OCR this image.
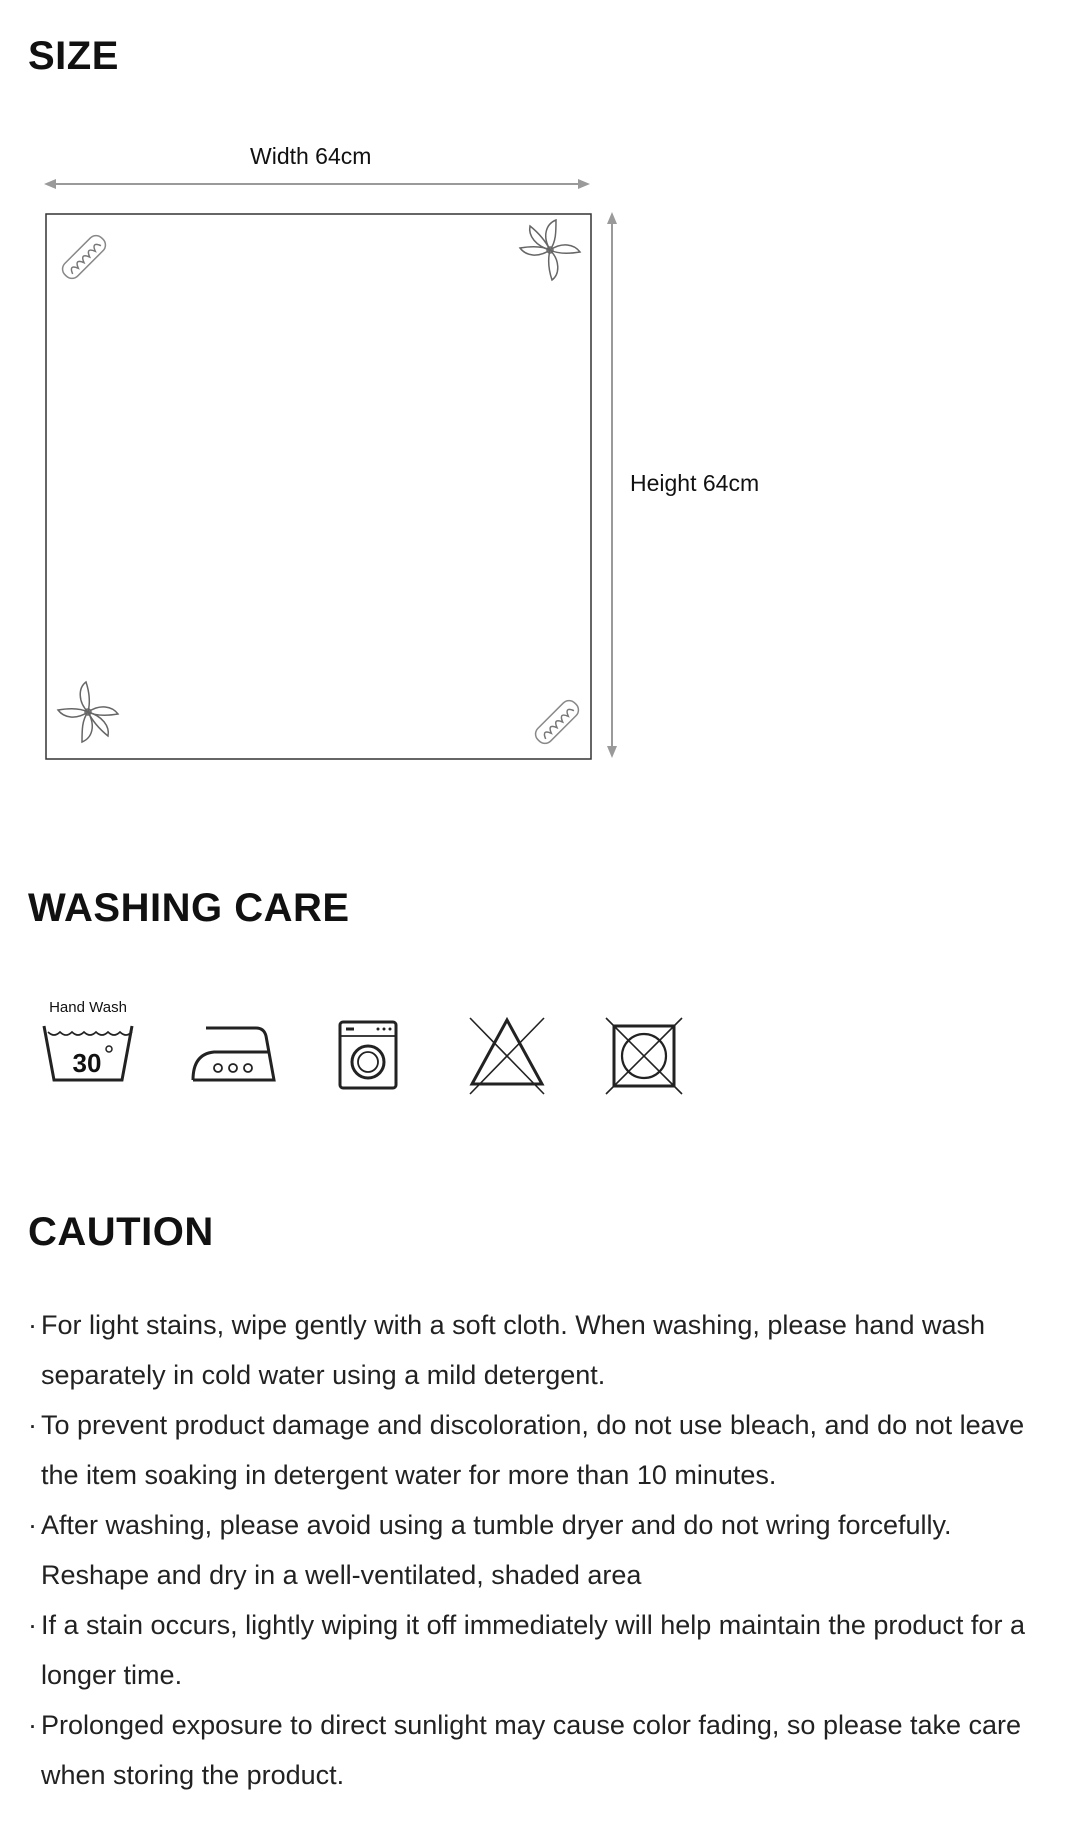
SIZE
Width 64cm
Height 64cm
WASHING CARE
Hand Wash
30
CAUTION
· For light stains, wipe gently with a soft cloth. When washing, please hand wash separately in cold water using a mild detergent.
· To prevent product damage and discoloration, do not use bleach, and do not leave the item soaking in detergent water for more than 10 minutes.
· After washing, please avoid using a tumble dryer and do not wring forcefully. Reshape and dry in a well-ventilated, shaded area
· If a stain occurs, lightly wiping it off immediately will help maintain the product for a longer time.
· Prolonged exposure to direct sunlight may cause color fading, so please take care when storing the product.
